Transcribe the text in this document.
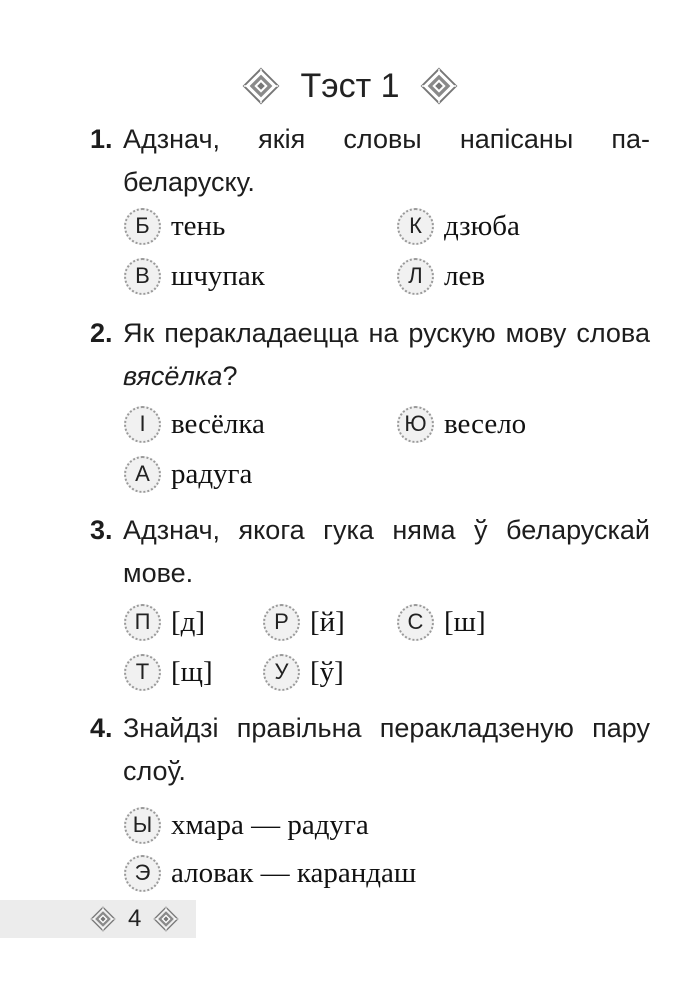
Тэст 1
1. Адзнач, якія словы напісаны па-беларуску.
Б тень	К дзюба
В шчупак	Л лев
2. Як перакладаецца на рускую мову слова вясёлка?
І весёлка	Ю весело
А радуга
3. Адзнач, якога гука няма ў беларускай мове.
П [д]	Р [й]	С [ш]
Т [щ]	У [ў]
4. Знайдзі правільна перакладзеную пару слоў.
Ы хмара — радуга
Э аловак — карандаш
4
